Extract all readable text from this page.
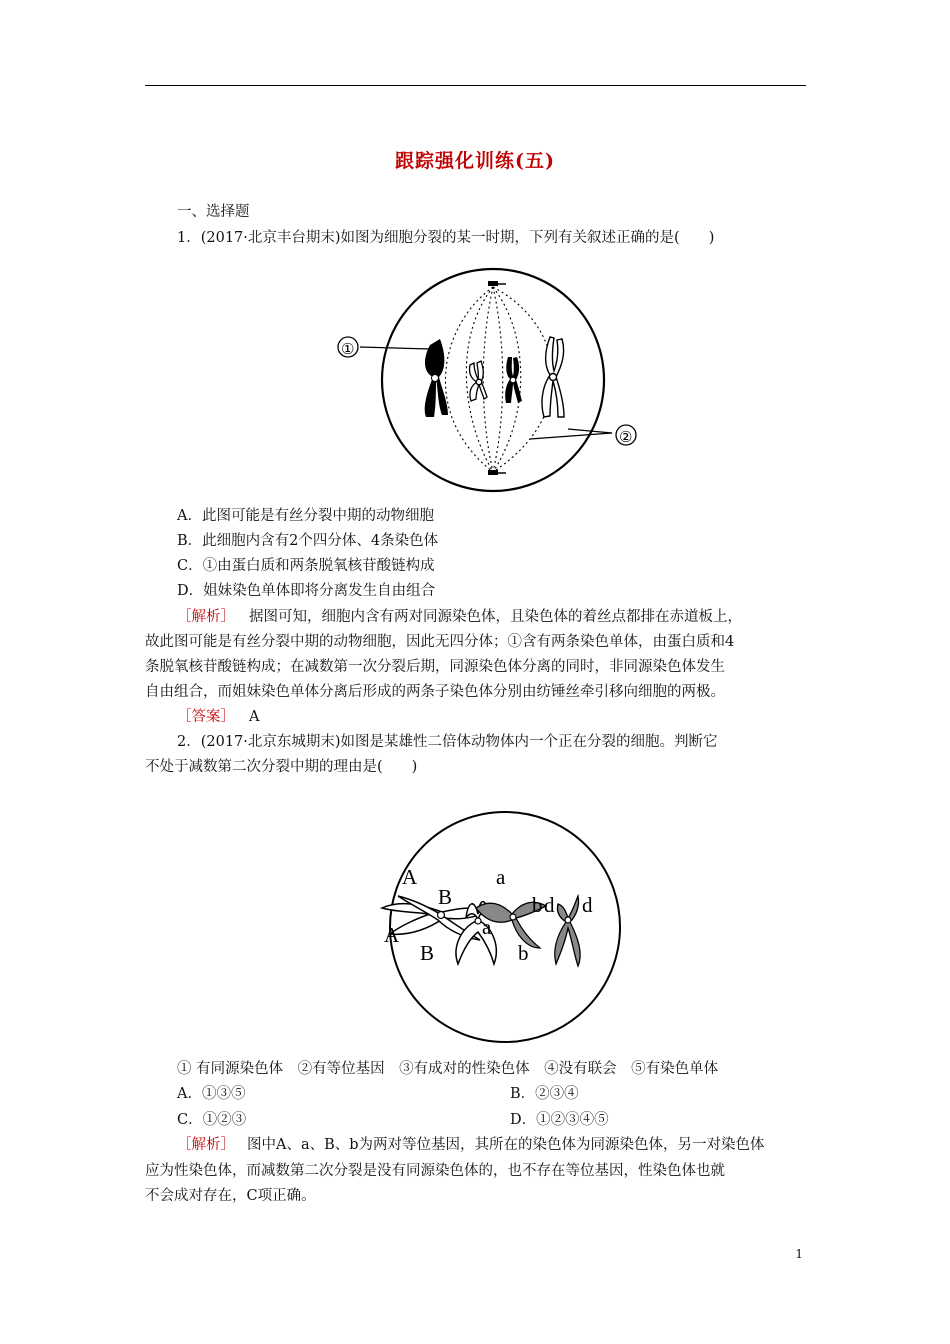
跟踪强化训练(五)
一、选择题
1．(2017·北京丰台期末)如图为细胞分裂的某一时期，下列有关叙述正确的是(　　)
①
②
A．此图可能是有丝分裂中期的动物细胞
B．此细胞内含有2个四分体、4条染色体
C．①由蛋白质和两条脱氧核苷酸链构成
D．姐妹染色单体即将分离发生自由组合
［解析］ 据图可知，细胞内含有两对同源染色体，且染色体的着丝点都排在赤道板上，
故此图可能是有丝分裂中期的动物细胞，因此无四分体；①含有两条染色单体，由蛋白质和4
条脱氧核苷酸链构成；在减数第一次分裂后期，同源染色体分离的同时，非同源染色体发生
自由组合，而姐妹染色单体分离后形成的两条子染色体分别由纺锤丝牵引移向细胞的两极。
［答案］ A
2．(2017·北京东城期末)如图是某雄性二倍体动物体内一个正在分裂的细胞。判断它
不处于减数第二次分裂中期的理由是(　　)
A
A
B
B
a
a
b
b
d d
① 有同源染色体　②有等位基因　③有成对的性染色体　④没有联会　⑤有染色单体
A．①③⑤	B．②③④
C．①②③	D．①②③④⑤
［解析］ 图中A、a、B、b为两对等位基因，其所在的染色体为同源染色体，另一对染色体
应为性染色体，而减数第二次分裂是没有同源染色体的，也不存在等位基因，性染色体也就
不会成对存在，C项正确。
1
